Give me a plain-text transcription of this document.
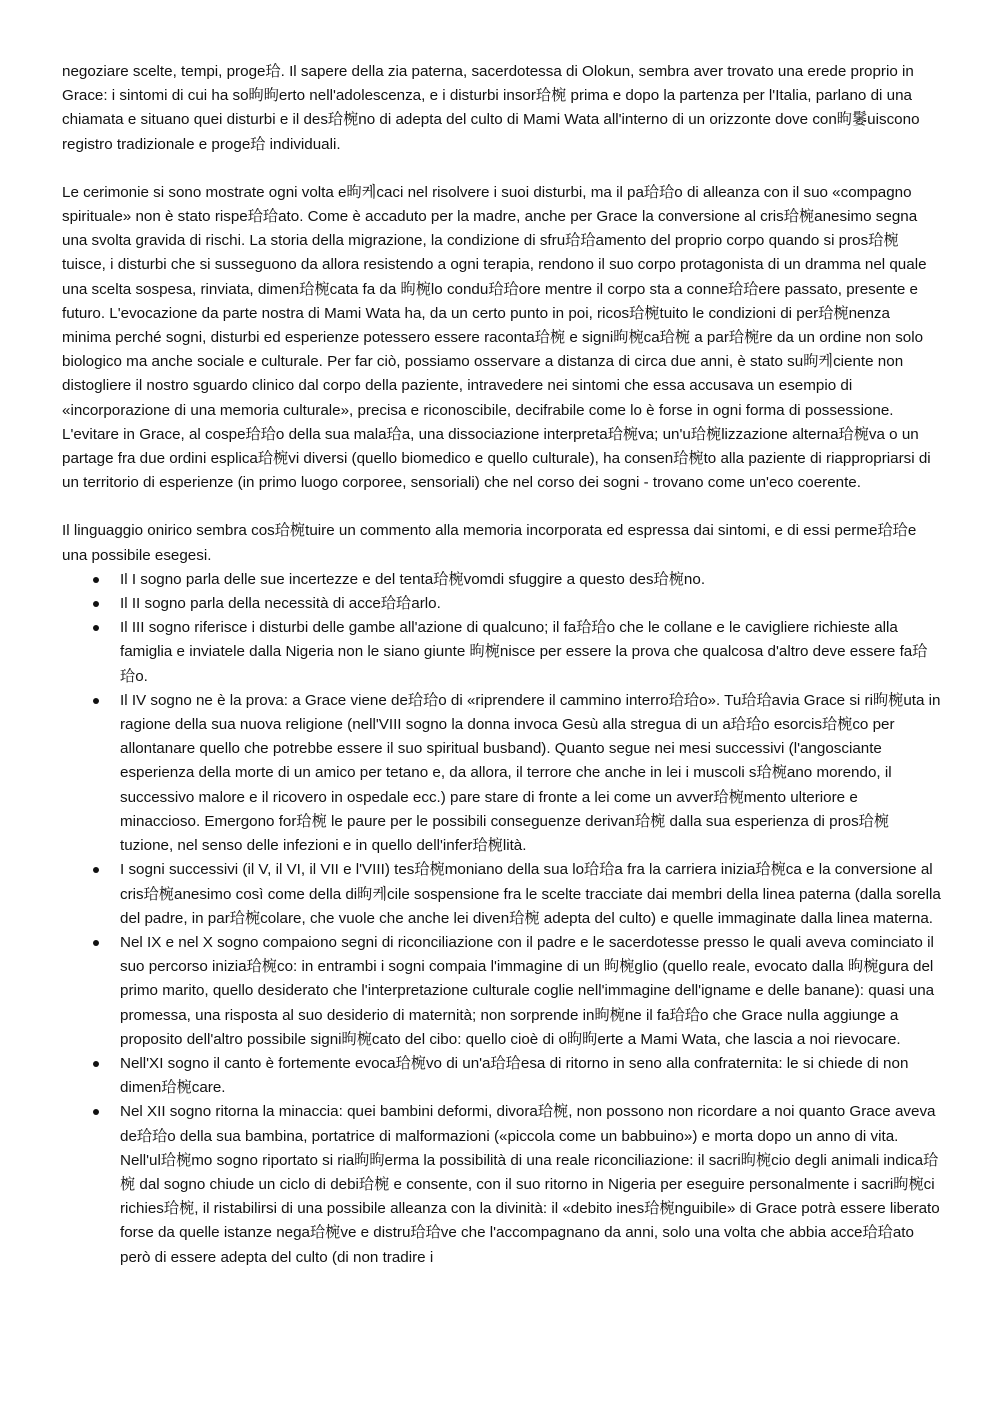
negoziare scelte, tempi, proge珨. Il sapere della zia paterna, sacerdotessa di Olokun, sembra aver trovato una erede proprio in Grace: i sintomi di cui ha so昫昫erto nell'adolescenza, e i disturbi insor珨椀 prima e dopo la partenza per l'Italia, parlano di una chiamata e situano quei disturbi e il des珨椀no di adepta del culto di Mami Wata all'interno di un orizzonte dove con昫䰀uiscono registro tradizionale e proge珨 individuali.

Le cerimonie si sono mostrate ogni volta e昫케caci nel risolvere i suoi disturbi, ma il pa珨珨o di alleanza con il suo «compagno spirituale» non è stato rispe珨珨ato. Come è accaduto per la madre, anche per Grace la conversione al cris珨椀anesimo segna una svolta gravida di rischi. La storia della migrazione, la condizione di sfru珨珨amento del proprio corpo quando si pros珨椀tuisce, i disturbi che si susseguono da allora resistendo a ogni terapia, rendono il suo corpo protagonista di un dramma nel quale una scelta sospesa, rinviata, dimen珨椀cata fa da 昫椀lo condu珨珨ore mentre il corpo sta a conne珨珨ere passato, presente e futuro. L'evocazione da parte nostra di Mami Wata ha, da un certo punto in poi, ricos珨椀tuito le condizioni di per珨椀nenza minima perché sogni, disturbi ed esperienze potessero essere raconta珨椀 e signi昫椀ca珨椀 a par珨椀re da un ordine non solo biologico ma anche sociale e culturale. Per far ciò, possiamo osservare a distanza di circa due anni, è stato su昫케ciente non distogliere il nostro sguardo clinico dal corpo della paziente, intravedere nei sintomi che essa accusava un esempio di «incorporazione di una memoria culturale», precisa e riconoscibile, decifrabile come lo è forse in ogni forma di possessione. L'evitare in Grace, al cospe珨珨o della sua mala珨a, una dissociazione interpreta珨椀va; un'u珨椀lizzazione alterna珨椀va o un partage fra due ordini esplica珨椀vi diversi (quello biomedico e quello culturale), ha consen珨椀to alla paziente di riappropriarsi di un territorio di esperienze (in primo luogo corporee, sensoriali) che nel corso dei sogni - trovano come un'eco coerente.

Il linguaggio onirico sembra cos珨椀tuire un commento alla memoria incorporata ed espressa dai sintomi, e di essi perme珨珨e una possibile esegesi.

Il I sogno parla delle sue incertezze e del tenta珨椀vomdi sfuggire a questo des珨椀no.
Il II sogno parla della necessità di acce珨珨arlo.
Il III sogno riferisce i disturbi delle gambe all'azione di qualcuno; il fa珨珨o che le collane e le cavigliere richieste alla famiglia e inviatele dalla Nigeria non le siano giunte 昫椀nisce per essere la prova che qualcosa d'altro deve essere fa珨珨o.
Il IV sogno ne è la prova: a Grace viene de珨珨o di «riprendere il cammino interro珨珨o». Tu珨珨avia Grace si ri昫椀uta in ragione della sua nuova religione (nell'VIII sogno la donna invoca Gesù alla stregua di un a珨珨o esorcis珨椀co per allontanare quello che potrebbe essere il suo spiritual busband). Quanto segue nei mesi successivi (l'angosciante esperienza della morte di un amico per tetano e, da allora, il terrore che anche in lei i muscoli s珨椀ano morendo, il successivo malore e il ricovero in ospedale ecc.) pare stare di fronte a lei come un avver珨椀mento ulteriore e minaccioso. Emergono for珨椀 le paure per le possibili conseguenze derivan珨椀 dalla sua esperienza di pros珨椀tuzione, nel senso delle infezioni e in quello dell'infer珨椀lità.
I sogni successivi (il V, il VI, il VII e l'VIII) tes珨椀moniano della sua lo珨珨a fra la carriera inizia珨椀ca e la conversione al cris珨椀anesimo così come della di昫케cile sospensione fra le scelte tracciate dai membri della linea paterna (dalla sorella del padre, in par珨椀colare, che vuole che anche lei diven珨椀 adepta del culto) e quelle immaginate dalla linea materna.
Nel IX e nel X sogno compaiono segni di riconciliazione con il padre e le sacerdotesse presso le quali aveva cominciato il suo percorso inizia珨椀co: in entrambi i sogni compaia l'immagine di un 昫椀glio (quello reale, evocato dalla 昫椀gura del primo marito, quello desiderato che l'interpretazione culturale coglie nell'immagine dell'igname e delle banane): quasi una promessa, una risposta al suo desiderio di maternità; non sorprende in昫椀ne il fa珨珨o che Grace nulla aggiunge a proposito dell'altro possibile signi昫椀cato del cibo: quello cioè di o昫昫erte a Mami Wata, che lascia a noi rievocare.
Nell'XI sogno il canto è fortemente evoca珨椀vo di un'a珨珨esa di ritorno in seno alla confraternita: le si chiede di non dimen珨椀care.
Nel XII sogno ritorna la minaccia: quei bambini deformi, divora珨椀, non possono non ricordare a noi quanto Grace aveva de珨珨o della sua bambina, portatrice di malformazioni («piccola come un babbuino») e morta dopo un anno di vita. Nell'ul珨椀mo sogno riportato si ria昫昫erma la possibilità di una reale riconciliazione: il sacri昫椀cio degli animali indica珨椀 dal sogno chiude un ciclo di debi珨椀 e consente, con il suo ritorno in Nigeria per eseguire personalmente i sacri昫椀ci richies珨椀, il ristabilirsi di una possibile alleanza con la divinità: il «debito ines珨椀nguibile» di Grace potrà essere liberato forse da quelle istanze nega珨椀ve e distru珨珨ve che l'accompagnano da anni, solo una volta che abbia acce珨珨ato però di essere adepta del culto (di non tradire i
